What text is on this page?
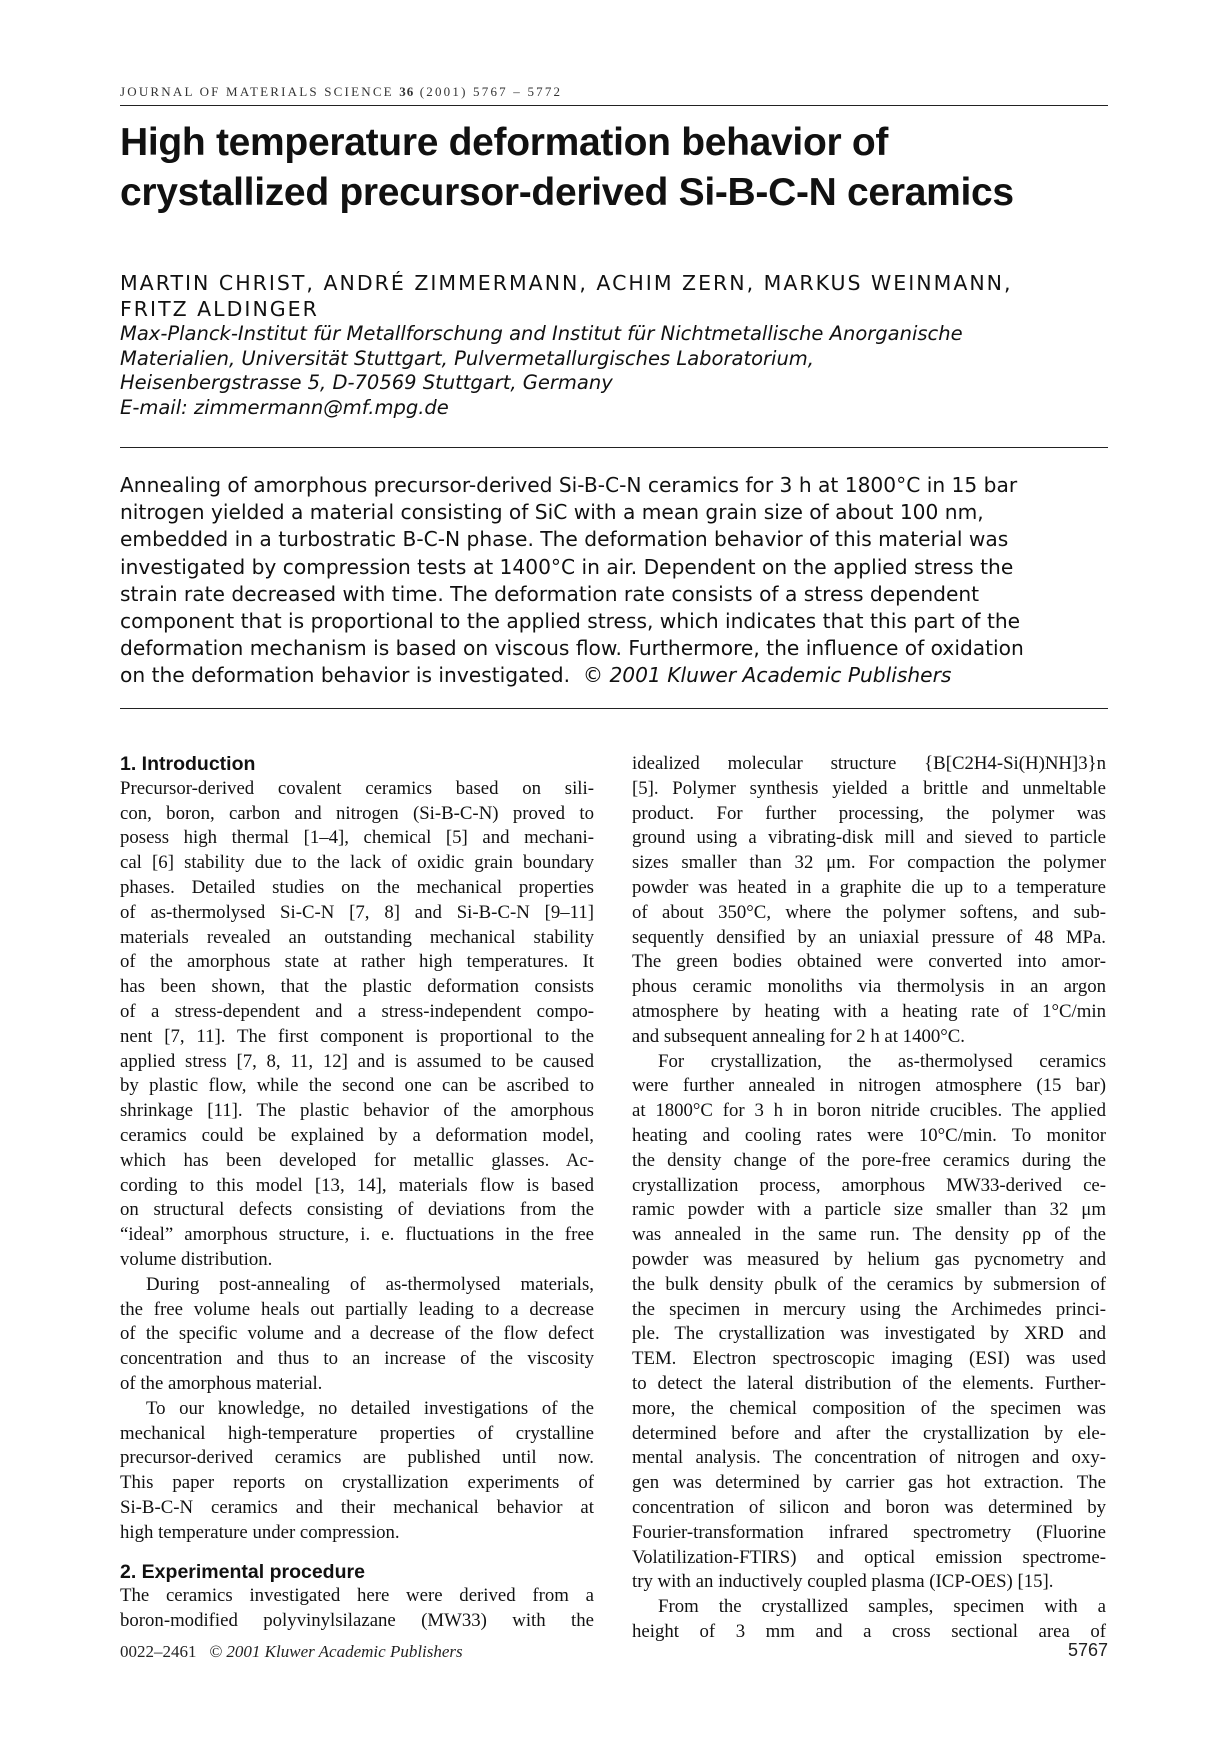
JOURNAL OF MATERIALS SCIENCE 36 (2001) 5767 – 5772
High temperature deformation behavior of
crystallized precursor-derived Si-B-C-N ceramics
MARTIN CHRIST, ANDRÉ ZIMMERMANN, ACHIM ZERN, MARKUS WEINMANN,
FRITZ ALDINGER
Max-Planck-Institut für Metallforschung and Institut für Nichtmetallische Anorganische
Materialien, Universität Stuttgart, Pulvermetallurgisches Laboratorium,
Heisenbergstrasse 5, D-70569 Stuttgart, Germany
E-mail: zimmermann@mf.mpg.de
Annealing of amorphous precursor-derived Si-B-C-N ceramics for 3 h at 1800°C in 15 bar
nitrogen yielded a material consisting of SiC with a mean grain size of about 100 nm,
embedded in a turbostratic B-C-N phase. The deformation behavior of this material was
investigated by compression tests at 1400°C in air. Dependent on the applied stress the
strain rate decreased with time. The deformation rate consists of a stress dependent
component that is proportional to the applied stress, which indicates that this part of the
deformation mechanism is based on viscous flow. Furthermore, the influence of oxidation
on the deformation behavior is investigated. © 2001 Kluwer Academic Publishers
1. Introduction
Precursor-derived covalent ceramics based on sili-
con, boron, carbon and nitrogen (Si-B-C-N) proved to
posess high thermal [1–4], chemical [5] and mechani-
cal [6] stability due to the lack of oxidic grain boundary
phases. Detailed studies on the mechanical properties
of as-thermolysed Si-C-N [7, 8] and Si-B-C-N [9–11]
materials revealed an outstanding mechanical stability
of the amorphous state at rather high temperatures. It
has been shown, that the plastic deformation consists
of a stress-dependent and a stress-independent compo-
nent [7, 11]. The first component is proportional to the
applied stress [7, 8, 11, 12] and is assumed to be caused
by plastic flow, while the second one can be ascribed to
shrinkage [11]. The plastic behavior of the amorphous
ceramics could be explained by a deformation model,
which has been developed for metallic glasses. Ac-
cording to this model [13, 14], materials flow is based
on structural defects consisting of deviations from the
“ideal” amorphous structure, i. e. fluctuations in the free
volume distribution.
During post-annealing of as-thermolysed materials,
the free volume heals out partially leading to a decrease
of the specific volume and a decrease of the flow defect
concentration and thus to an increase of the viscosity
of the amorphous material.
To our knowledge, no detailed investigations of the
mechanical high-temperature properties of crystalline
precursor-derived ceramics are published until now.
This paper reports on crystallization experiments of
Si-B-C-N ceramics and their mechanical behavior at
high temperature under compression.
2. Experimental procedure
The ceramics investigated here were derived from a
boron-modified polyvinylsilazane (MW33) with the
idealized molecular structure {B[C2H4-Si(H)NH]3}n
[5]. Polymer synthesis yielded a brittle and unmeltable
product. For further processing, the polymer was
ground using a vibrating-disk mill and sieved to particle
sizes smaller than 32 μm. For compaction the polymer
powder was heated in a graphite die up to a temperature
of about 350°C, where the polymer softens, and sub-
sequently densified by an uniaxial pressure of 48 MPa.
The green bodies obtained were converted into amor-
phous ceramic monoliths via thermolysis in an argon
atmosphere by heating with a heating rate of 1°C/min
and subsequent annealing for 2 h at 1400°C.
For crystallization, the as-thermolysed ceramics
were further annealed in nitrogen atmosphere (15 bar)
at 1800°C for 3 h in boron nitride crucibles. The applied
heating and cooling rates were 10°C/min. To monitor
the density change of the pore-free ceramics during the
crystallization process, amorphous MW33-derived ce-
ramic powder with a particle size smaller than 32 μm
was annealed in the same run. The density ρp of the
powder was measured by helium gas pycnometry and
the bulk density ρbulk of the ceramics by submersion of
the specimen in mercury using the Archimedes princi-
ple. The crystallization was investigated by XRD and
TEM. Electron spectroscopic imaging (ESI) was used
to detect the lateral distribution of the elements. Further-
more, the chemical composition of the specimen was
determined before and after the crystallization by ele-
mental analysis. The concentration of nitrogen and oxy-
gen was determined by carrier gas hot extraction. The
concentration of silicon and boron was determined by
Fourier-transformation infrared spectrometry (Fluorine
Volatilization-FTIRS) and optical emission spectrome-
try with an inductively coupled plasma (ICP-OES) [15].
From the crystallized samples, specimen with a
height of 3 mm and a cross sectional area of
0022–2461 © 2001 Kluwer Academic Publishers	5767
